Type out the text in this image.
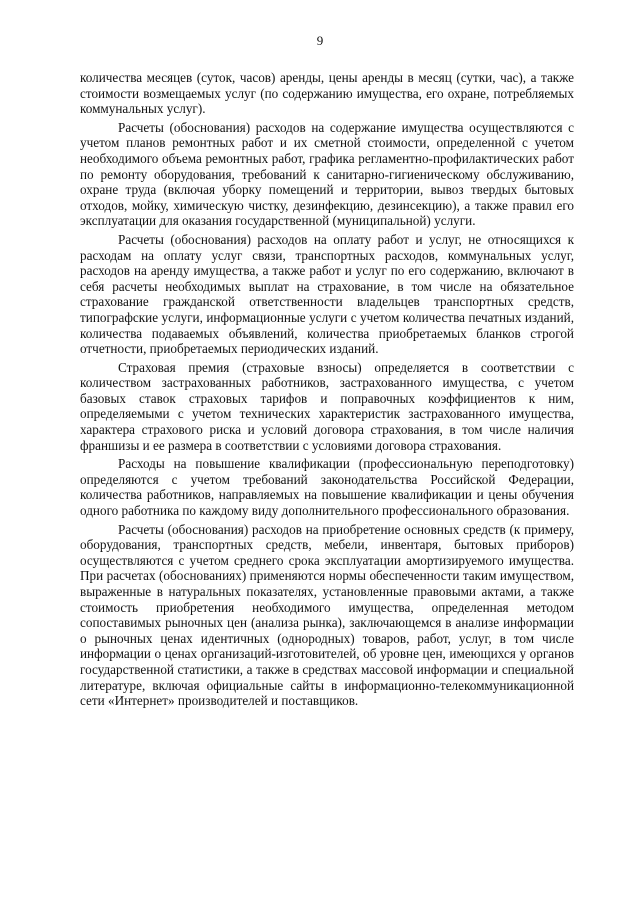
9

количества месяцев (суток, часов) аренды, цены аренды в месяц (сутки, час), а также стоимости возмещаемых услуг (по содержанию имущества, его охране, потребляемых коммунальных услуг).

Расчеты (обоснования) расходов на содержание имущества осуществляются с учетом планов ремонтных работ и их сметной стоимости, определенной с учетом необходимого объема ремонтных работ, графика регламентно-профилактических работ по ремонту оборудования, требований к санитарно-гигиеническому обслуживанию, охране труда (включая уборку помещений и территории, вывоз твердых бытовых отходов, мойку, химическую чистку, дезинфекцию, дезинсекцию), а также правил его эксплуатации для оказания государственной (муниципальной) услуги.

Расчеты (обоснования) расходов на оплату работ и услуг, не относящихся к расходам на оплату услуг связи, транспортных расходов, коммунальных услуг, расходов на аренду имущества, а также работ и услуг по его содержанию, включают в себя расчеты необходимых выплат на страхование, в том числе на обязательное страхование гражданской ответственности владельцев транспортных средств, типографские услуги, информационные услуги с учетом количества печатных изданий, количества подаваемых объявлений, количества приобретаемых бланков строгой отчетности, приобретаемых периодических изданий.

Страховая премия (страховые взносы) определяется в соответствии с количеством застрахованных работников, застрахованного имущества, с учетом базовых ставок страховых тарифов и поправочных коэффициентов к ним, определяемыми с учетом технических характеристик застрахованного имущества, характера страхового риска и условий договора страхования, в том числе наличия франшизы и ее размера в соответствии с условиями договора страхования.

Расходы на повышение квалификации (профессиональную переподготовку) определяются с учетом требований законодательства Российской Федерации, количества работников, направляемых на повышение квалификации и цены обучения одного работника по каждому виду дополнительного профессионального образования.

Расчеты (обоснования) расходов на приобретение основных средств (к примеру, оборудования, транспортных средств, мебели, инвентаря, бытовых приборов) осуществляются с учетом среднего срока эксплуатации амортизируемого имущества. При расчетах (обоснованиях) применяются нормы обеспеченности таким имуществом, выраженные в натуральных показателях, установленные правовыми актами, а также стоимость приобретения необходимого имущества, определенная методом сопоставимых рыночных цен (анализа рынка), заключающемся в анализе информации о рыночных ценах идентичных (однородных) товаров, работ, услуг, в том числе информации о ценах организаций-изготовителей, об уровне цен, имеющихся у органов государственной статистики, а также в средствах массовой информации и специальной литературе, включая официальные сайты в информационно-телекоммуникационной сети «Интернет» производителей и поставщиков.
